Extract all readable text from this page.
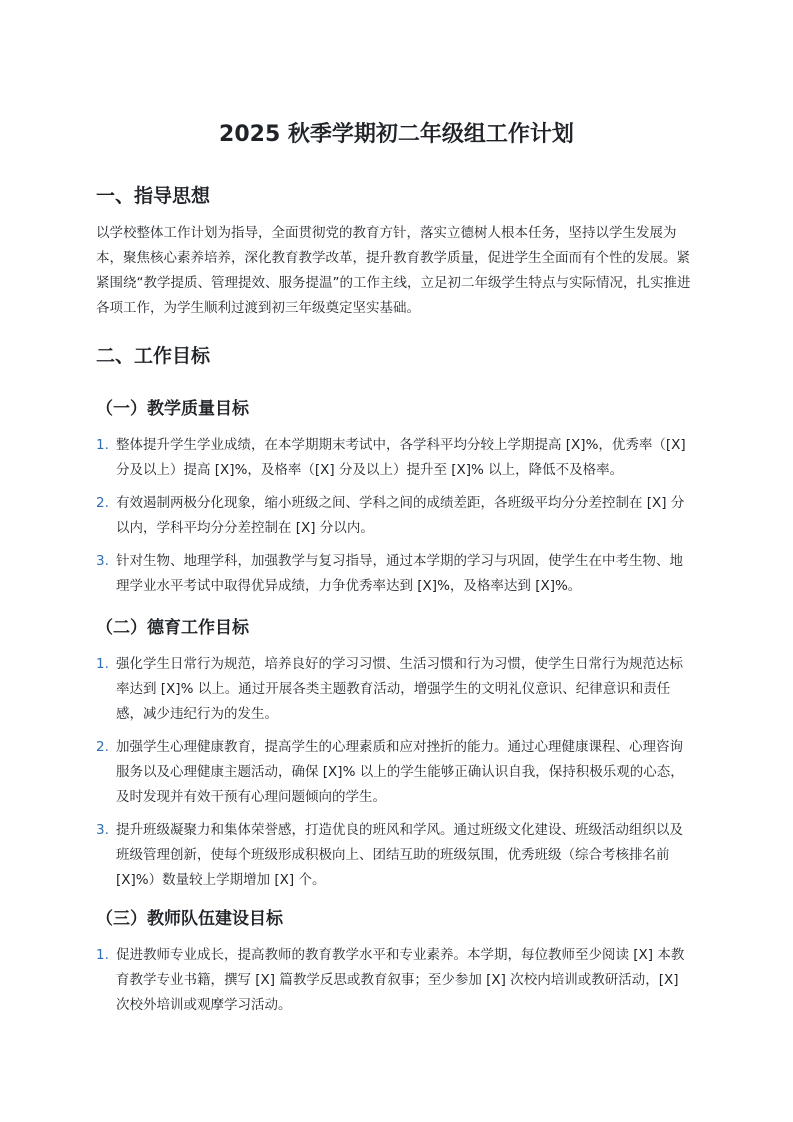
2025 秋季学期初二年级组工作计划
一、指导思想

以学校整体工作计划为指导，全面贯彻党的教育方针，落实立德树人根本任务，坚持以学生发展为本，聚焦核心素养培养，深化教育教学改革，提升教育教学质量，促进学生全面而有个性的发展。紧紧围绕“教学提质、管理提效、服务提温”的工作主线，立足初二年级学生特点与实际情况，扎实推进各项工作，为学生顺利过渡到初三年级奠定坚实基础。

二、工作目标
（一）教学质量目标
1. 整体提升学生学业成绩，在本学期期末考试中，各学科平均分较上学期提高 [X]%，优秀率（[X] 分及以上）提高 [X]%，及格率（[X] 分及以上）提升至 [X]% 以上，降低不及格率。
2. 有效遏制两极分化现象，缩小班级之间、学科之间的成绩差距，各班级平均分分差控制在 [X] 分以内，学科平均分分差控制在 [X] 分以内。
3. 针对生物、地理学科，加强教学与复习指导，通过本学期的学习与巩固，使学生在中考生物、地理学业水平考试中取得优异成绩，力争优秀率达到 [X]%，及格率达到 [X]%。
（二）德育工作目标
1. 强化学生日常行为规范，培养良好的学习习惯、生活习惯和行为习惯，使学生日常行为规范达标率达到 [X]% 以上。通过开展各类主题教育活动，增强学生的文明礼仪意识、纪律意识和责任感，减少违纪行为的发生。
2. 加强学生心理健康教育，提高学生的心理素质和应对挫折的能力。通过心理健康课程、心理咨询服务以及心理健康主题活动，确保 [X]% 以上的学生能够正确认识自我，保持积极乐观的心态，及时发现并有效干预有心理问题倾向的学生。
3. 提升班级凝聚力和集体荣誉感，打造优良的班风和学风。通过班级文化建设、班级活动组织以及班级管理创新，使每个班级形成积极向上、团结互助的班级氛围，优秀班级（综合考核排名前 [X]%）数量较上学期增加 [X] 个。
（三）教师队伍建设目标
1. 促进教师专业成长，提高教师的教育教学水平和专业素养。本学期，每位教师至少阅读 [X] 本教育教学专业书籍，撰写 [X] 篇教学反思或教育叙事；至少参加 [X] 次校内培训或教研活动，[X] 次校外培训或观摩学习活动。
